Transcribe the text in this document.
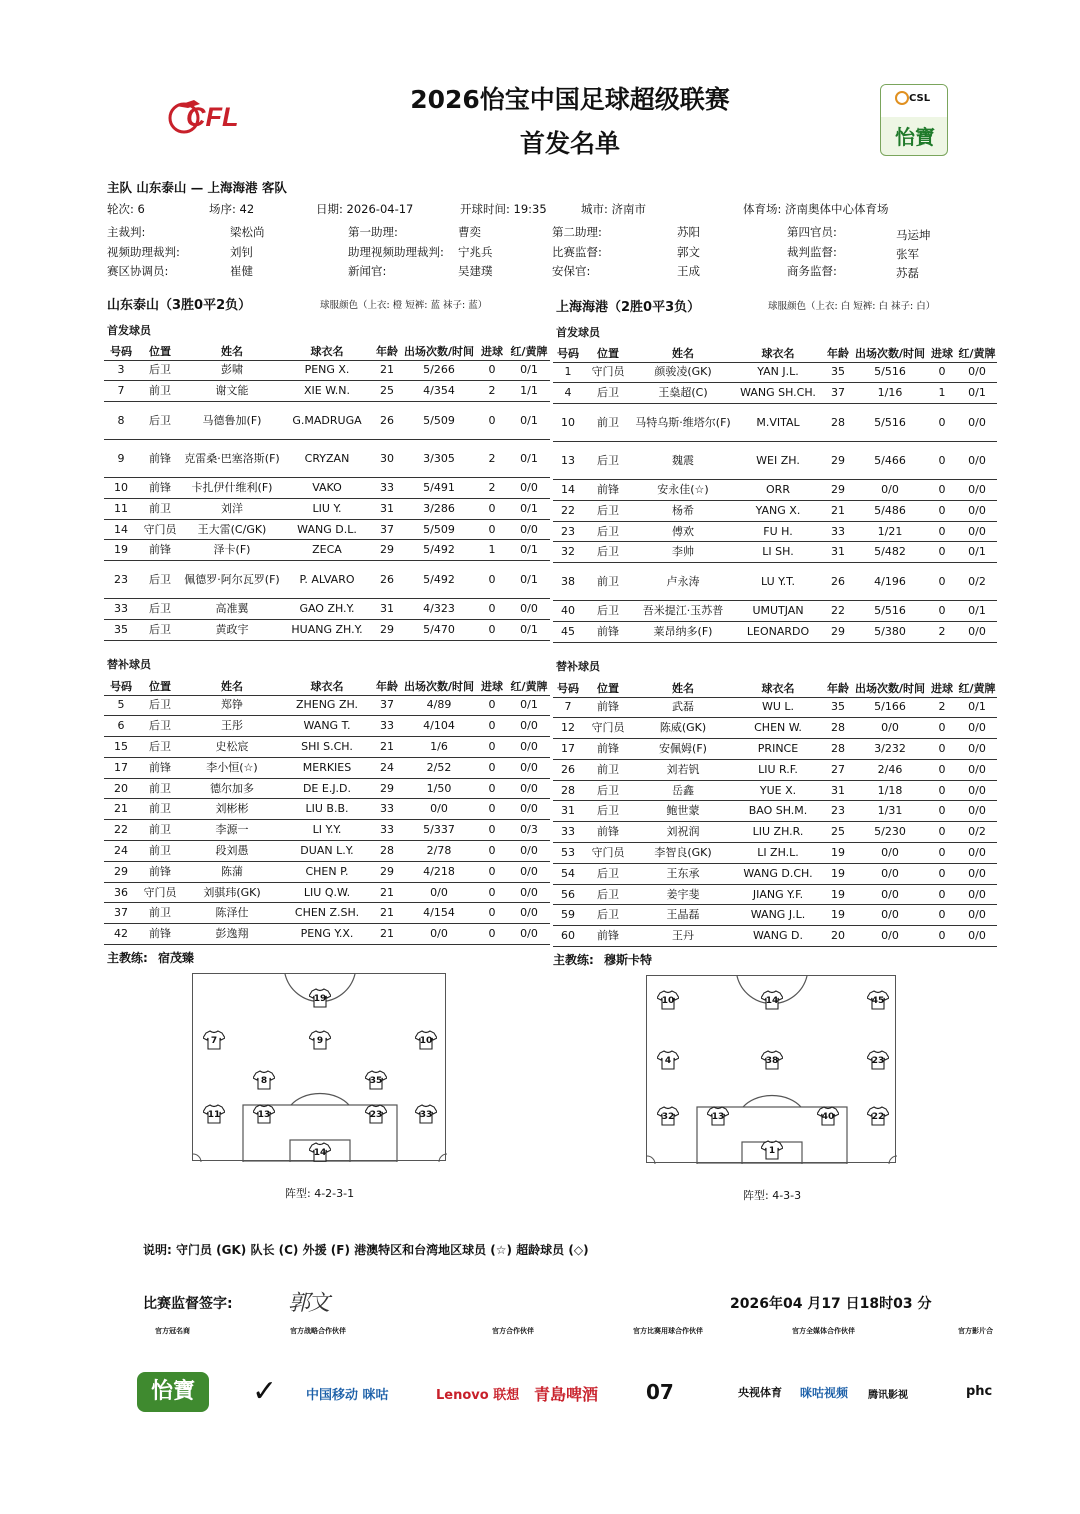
CFL
2026怡宝中国足球超级联赛
首发名单
CSL
怡寶
主队 山东泰山 — 上海海港 客队
轮次: 6	场序: 42	日期: 2026-04-17	开球时间: 19:35	城市: 济南市	体育场: 济南奥体中心体育场
主裁判:	梁松尚	第一助理:	曹奕	第二助理:	苏阳	第四官员:	马运坤
视频助理裁判:	刘钊	助理视频助理裁判: 宁兆兵	比赛监督:	郭文	裁判监督:	张军
赛区协调员:	崔健	新闻官:	吴建璞	安保官:	王成	商务监督:	苏磊
山东泰山（3胜0平2负）	球服颜色（上衣: 橙 短裤: 蓝 袜子: 蓝）	上海海港（2胜0平3负）	球服颜色（上衣: 白 短裤: 白 袜子: 白）
首发球员	首发球员
号码	位置	姓名	球衣名	年龄	出场次数/时间	进球	红/黄牌
3	后卫	彭啸	PENG X.	21	5/266	0	0/1
7	前卫	谢文能	XIE W.N.	25	4/354	2	1/1
8	后卫	马德鲁加(F)	G.MADRUGA	26	5/509	0	0/1
9	前锋	克雷桑·巴塞洛斯(F)	CRYZAN	30	3/305	2	0/1
10	前锋	卡扎伊什维利(F)	VAKO	33	5/491	2	0/0
11	前卫	刘洋	LIU Y.	31	3/286	0	0/1
14	守门员	王大雷(C/GK)	WANG D.L.	37	5/509	0	0/0
19	前锋	泽卡(F)	ZECA	29	5/492	1	0/1
23	后卫	佩德罗·阿尔瓦罗(F)	P. ALVARO	26	5/492	0	0/1
33	后卫	高准翼	GAO ZH.Y.	31	4/323	0	0/0
35	后卫	黄政宇	HUANG ZH.Y.	29	5/470	0	0/1
号码	位置	姓名	球衣名	年龄	出场次数/时间	进球	红/黄牌
1	守门员	颜骏凌(GK)	YAN J.L.	35	5/516	0	0/0
4	后卫	王燊超(C)	WANG SH.CH.	37	1/16	1	0/1
10	前卫	马特乌斯·维塔尔(F)	M.VITAL	28	5/516	0	0/0
13	后卫	魏震	WEI ZH.	29	5/466	0	0/0
14	前锋	安永佳(☆)	ORR	29	0/0	0	0/0
22	后卫	杨希	YANG X.	21	5/486	0	0/0
23	后卫	傅欢	FU H.	33	1/21	0	0/0
32	后卫	李帅	LI SH.	31	5/482	0	0/1
38	前卫	卢永涛	LU Y.T.	26	4/196	0	0/2
40	后卫	吾米提江·玉苏普	UMUTJAN	22	5/516	0	0/1
45	前锋	莱昂纳多(F)	LEONARDO	29	5/380	2	0/0
替补球员	替补球员
号码	位置	姓名	球衣名	年龄	出场次数/时间	进球	红/黄牌
5	后卫	郑铮	ZHENG ZH.	37	4/89	0	0/1
6	后卫	王彤	WANG T.	33	4/104	0	0/0
15	后卫	史松宸	SHI S.CH.	21	1/6	0	0/0
17	前锋	李小恒(☆)	MERKIES	24	2/52	0	0/0
20	前卫	德尔加多	DE E.J.D.	29	1/50	0	0/0
21	前卫	刘彬彬	LIU B.B.	33	0/0	0	0/0
22	前卫	李源一	LI Y.Y.	33	5/337	0	0/3
24	前卫	段刘愚	DUAN L.Y.	28	2/78	0	0/0
29	前锋	陈蒲	CHEN P.	29	4/218	0	0/0
36	守门员	刘骐玮(GK)	LIU Q.W.	21	0/0	0	0/0
37	前卫	陈泽仕	CHEN Z.SH.	21	4/154	0	0/0
42	前锋	彭逸翔	PENG Y.X.	21	0/0	0	0/0
号码	位置	姓名	球衣名	年龄	出场次数/时间	进球	红/黄牌
7	前锋	武磊	WU L.	35	5/166	2	0/1
12	守门员	陈威(GK)	CHEN W.	28	0/0	0	0/0
17	前锋	安佩姆(F)	PRINCE	28	3/232	0	0/0
26	前卫	刘若钒	LIU R.F.	27	2/46	0	0/0
28	后卫	岳鑫	YUE X.	31	1/18	0	0/0
31	后卫	鲍世蒙	BAO SH.M.	23	1/31	0	0/0
33	前锋	刘祝润	LIU ZH.R.	25	5/230	0	0/2
53	守门员	李智良(GK)	LI ZH.L.	19	0/0	0	0/0
54	后卫	王东承	WANG D.CH.	19	0/0	0	0/0
56	后卫	姜宇斐	JIANG Y.F.	19	0/0	0	0/0
59	后卫	王晶磊	WANG J.L.	19	0/0	0	0/0
60	前锋	王丹	WANG D.	20	0/0	0	0/0
主教练: 宿茂臻	主教练: 穆斯卡特
19
7	9	10
8	35
11	13	23	33
14
10	14	45
4	38	23
32	13	40	22
1
阵型: 4-2-3-1	阵型: 4-3-3
说明: 守门员 (GK) 队长 (C) 外援 (F) 港澳特区和台湾地区球员 (☆) 超龄球员 (◇)
比赛监督签字:	郭文	2026年04 月17 日18时03 分
官方冠名商	官方战略合作伙伴	官方合作伙伴	官方比赛用球合作伙伴	官方全媒体合作伙伴	官方影片合
怡寶	✓ 中国移动 咪咕	Lenovo 联想 青島啤酒 07	央视体育 咪咕视频 腾讯影视	phc
